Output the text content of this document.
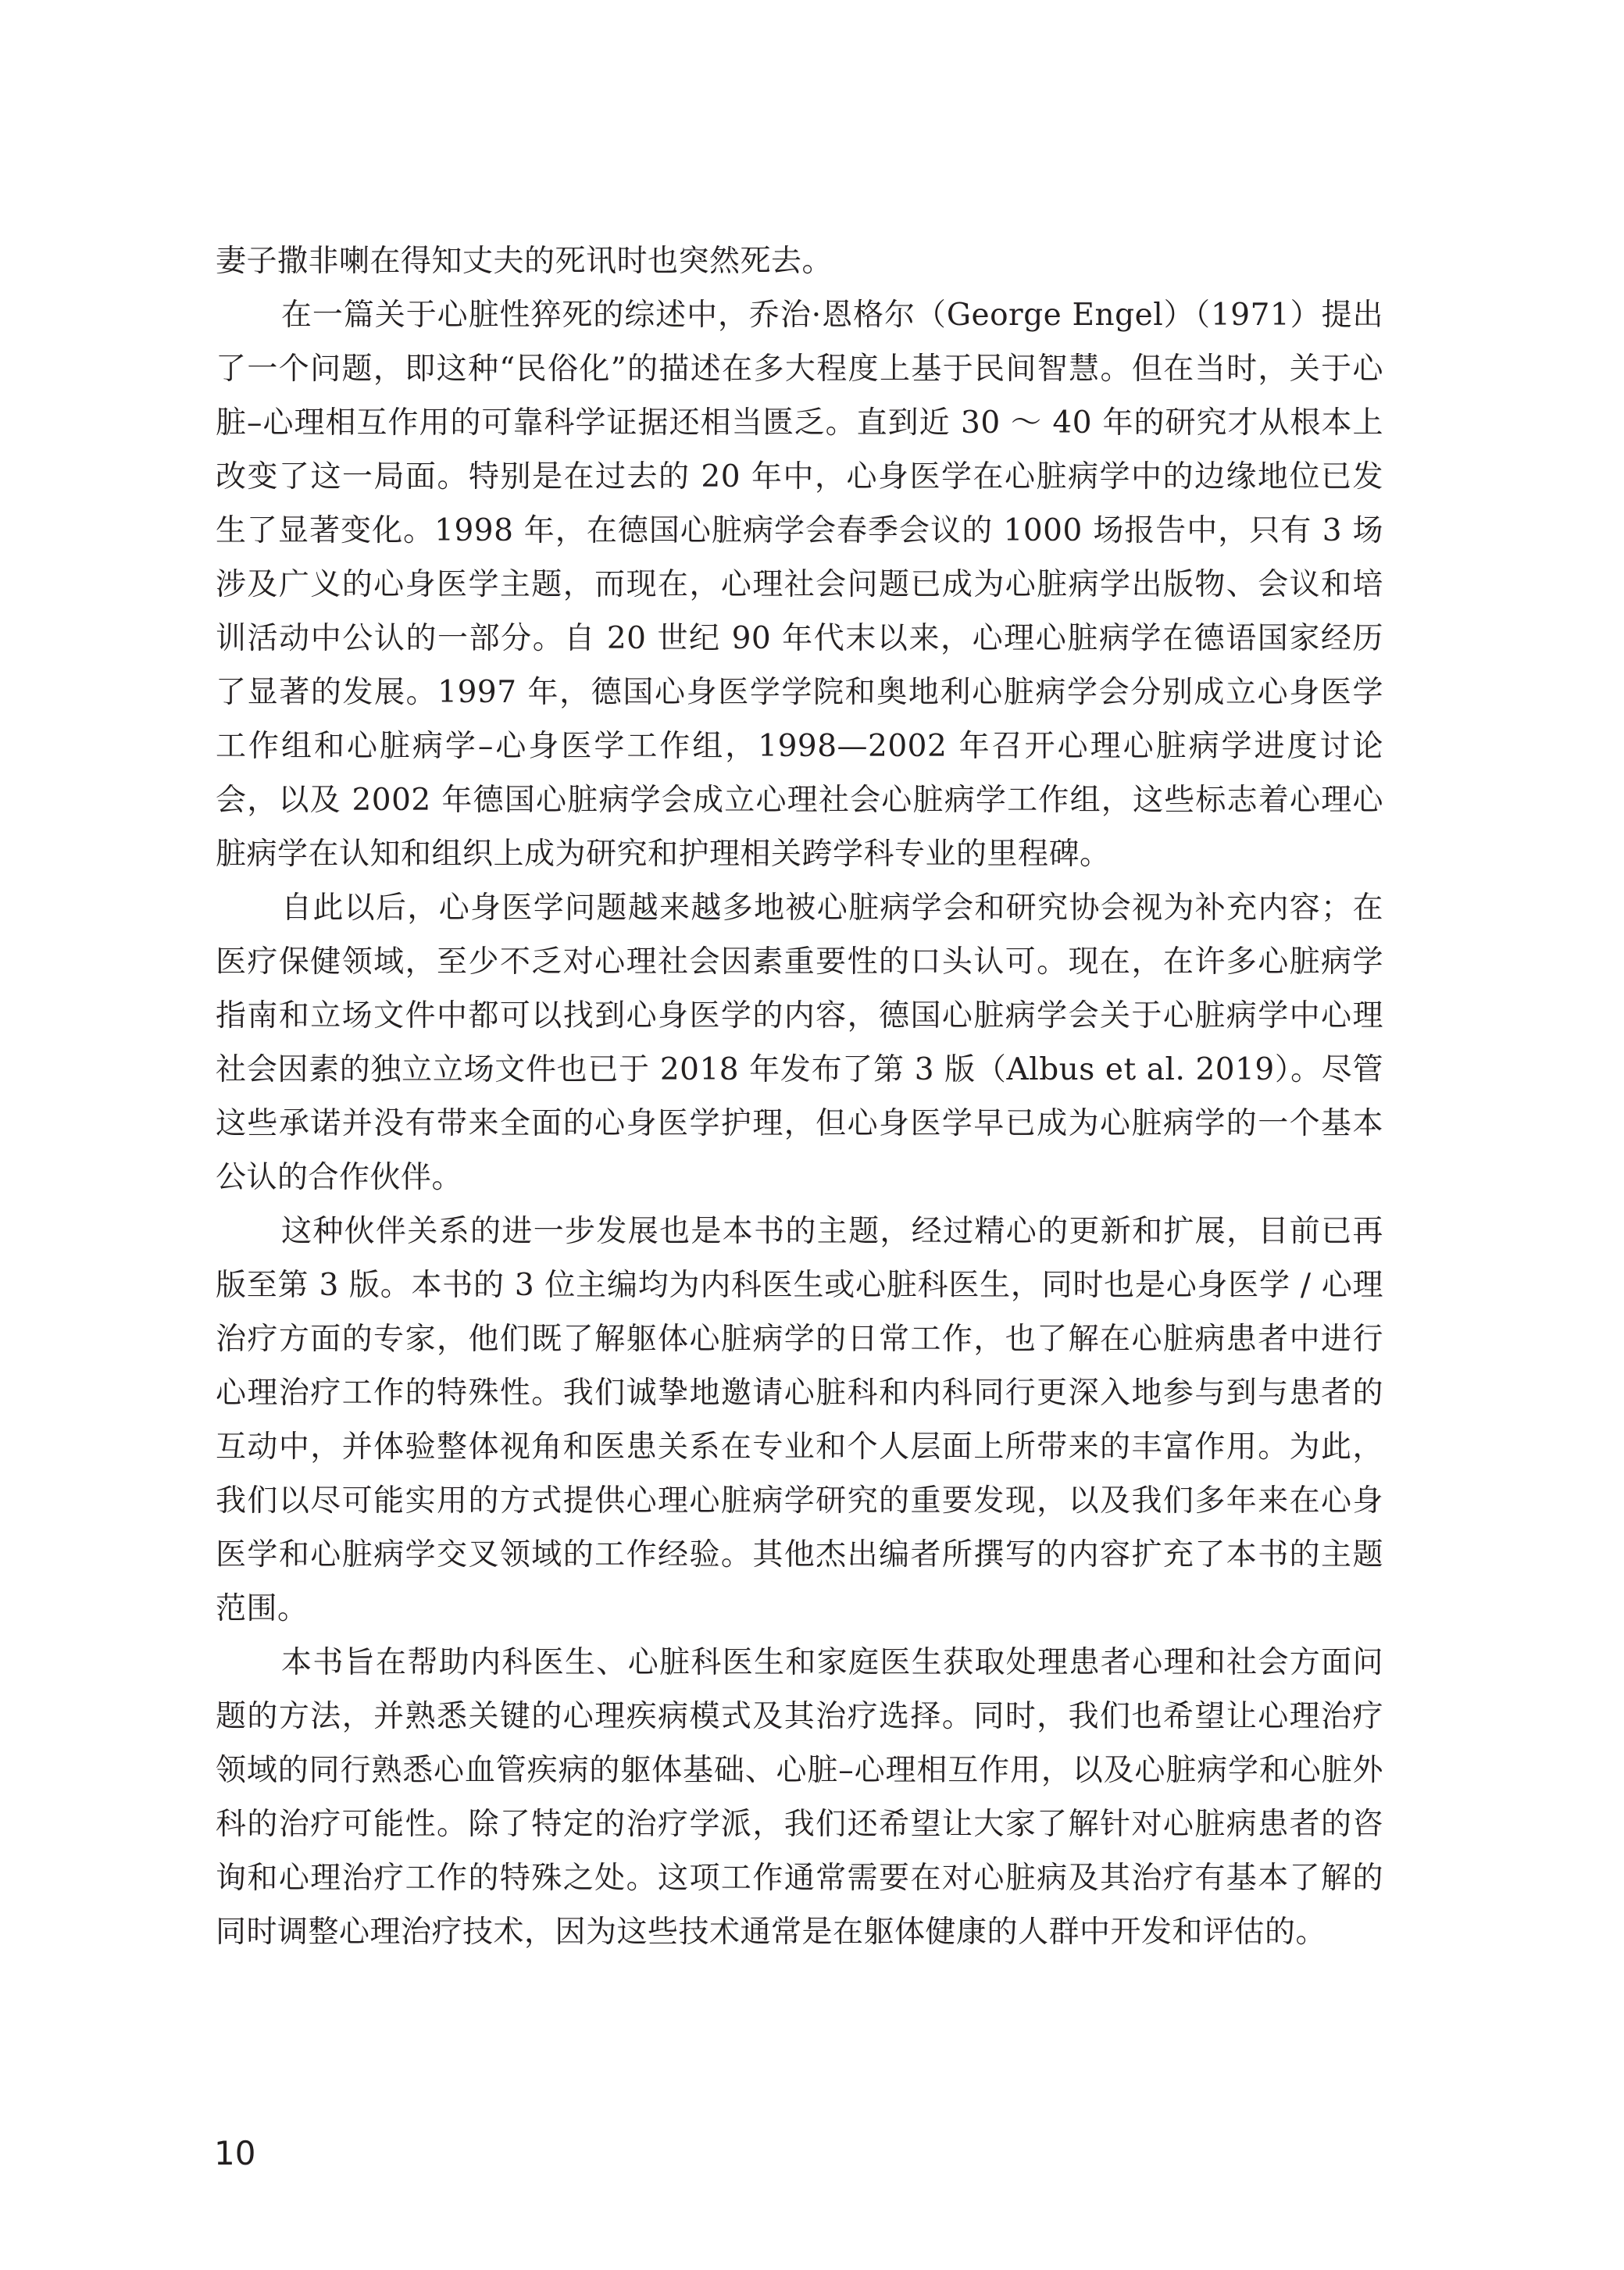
妻子撒非喇在得知丈夫的死讯时也突然死去。

在一篇关于心脏性猝死的综述中，乔治·恩格尔（George Engel）（1971）提出了一个问题，即这种“民俗化”的描述在多大程度上基于民间智慧。但在当时，关于心脏–心理相互作用的可靠科学证据还相当匮乏。直到近 30 ～ 40 年的研究才从根本上改变了这一局面。特别是在过去的 20 年中，心身医学在心脏病学中的边缘地位已发生了显著变化。1998 年，在德国心脏病学会春季会议的 1000 场报告中，只有 3 场涉及广义的心身医学主题，而现在，心理社会问题已成为心脏病学出版物、会议和培训活动中公认的一部分。自 20 世纪 90 年代末以来，心理心脏病学在德语国家经历了显著的发展。1997 年，德国心身医学学院和奥地利心脏病学会分别成立心身医学工作组和心脏病学–心身医学工作组，1998—2002 年召开心理心脏病学进度讨论会，以及 2002 年德国心脏病学会成立心理社会心脏病学工作组，这些标志着心理心脏病学在认知和组织上成为研究和护理相关跨学科专业的里程碑。

自此以后，心身医学问题越来越多地被心脏病学会和研究协会视为补充内容；在医疗保健领域，至少不乏对心理社会因素重要性的口头认可。现在，在许多心脏病学指南和立场文件中都可以找到心身医学的内容，德国心脏病学会关于心脏病学中心理社会因素的独立立场文件也已于 2018 年发布了第 3 版（Albus et al. 2019）。尽管这些承诺并没有带来全面的心身医学护理，但心身医学早已成为心脏病学的一个基本公认的合作伙伴。

这种伙伴关系的进一步发展也是本书的主题，经过精心的更新和扩展，目前已再版至第 3 版。本书的 3 位主编均为内科医生或心脏科医生，同时也是心身医学 / 心理治疗方面的专家，他们既了解躯体心脏病学的日常工作，也了解在心脏病患者中进行心理治疗工作的特殊性。我们诚挚地邀请心脏科和内科同行更深入地参与到与患者的互动中，并体验整体视角和医患关系在专业和个人层面上所带来的丰富作用。为此，我们以尽可能实用的方式提供心理心脏病学研究的重要发现，以及我们多年来在心身医学和心脏病学交叉领域的工作经验。其他杰出编者所撰写的内容扩充了本书的主题范围。

本书旨在帮助内科医生、心脏科医生和家庭医生获取处理患者心理和社会方面问题的方法，并熟悉关键的心理疾病模式及其治疗选择。同时，我们也希望让心理治疗领域的同行熟悉心血管疾病的躯体基础、心脏–心理相互作用，以及心脏病学和心脏外科的治疗可能性。除了特定的治疗学派，我们还希望让大家了解针对心脏病患者的咨询和心理治疗工作的特殊之处。这项工作通常需要在对心脏病及其治疗有基本了解的同时调整心理治疗技术，因为这些技术通常是在躯体健康的人群中开发和评估的。

10
